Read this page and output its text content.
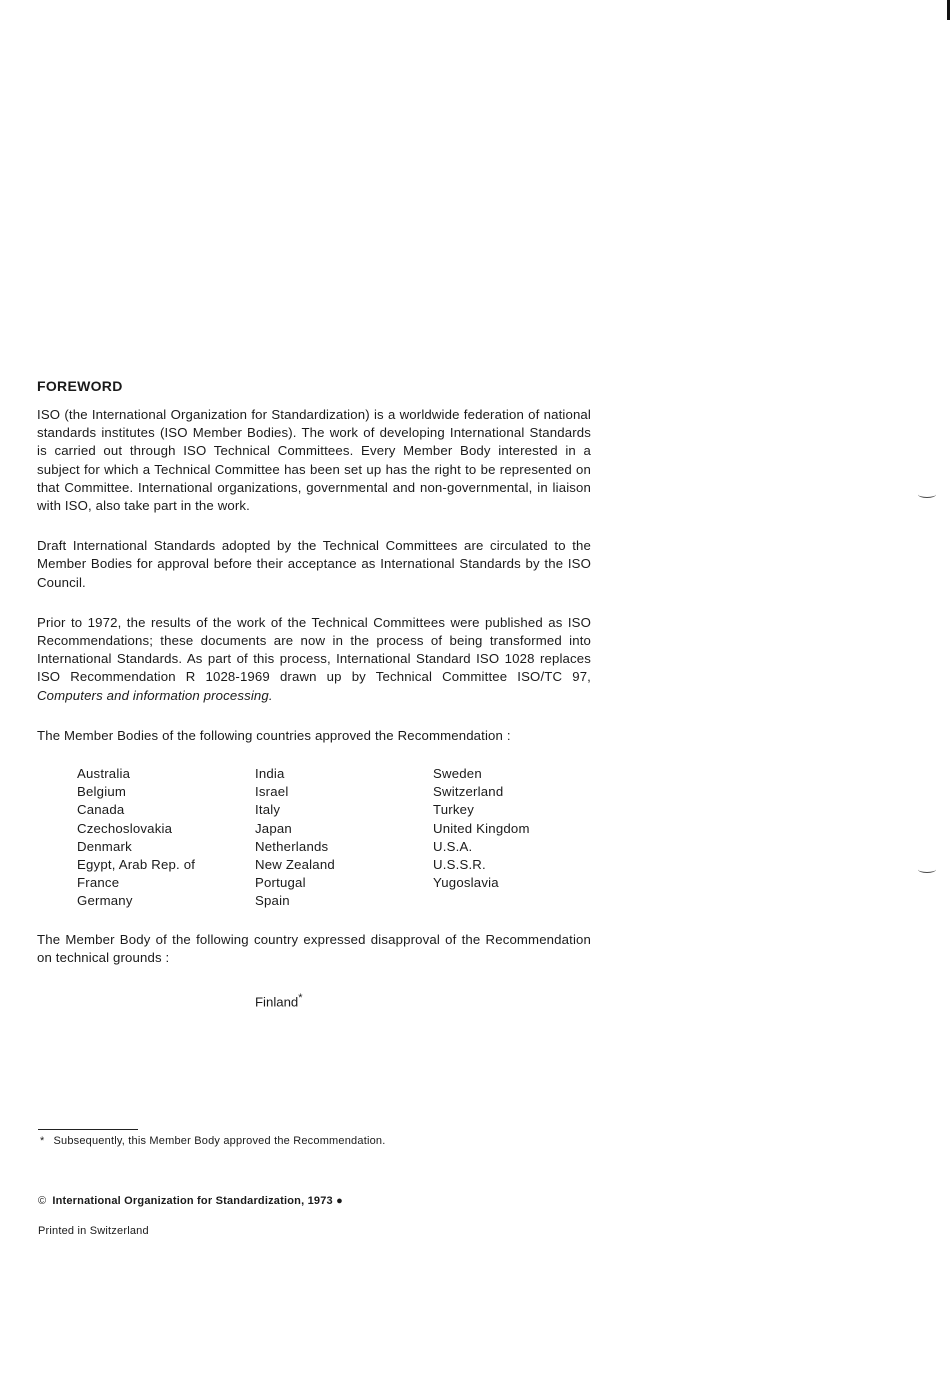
FOREWORD

ISO (the International Organization for Standardization) is a worldwide federation of national standards institutes (ISO Member Bodies). The work of developing International Standards is carried out through ISO Technical Committees. Every Member Body interested in a subject for which a Technical Committee has been set up has the right to be represented on that Committee. International organizations, governmental and non-governmental, in liaison with ISO, also take part in the work.

Draft International Standards adopted by the Technical Committees are circulated to the Member Bodies for approval before their acceptance as International Standards by the ISO Council.

Prior to 1972, the results of the work of the Technical Committees were published as ISO Recommendations; these documents are now in the process of being transformed into International Standards. As part of this process, International Standard ISO 1028 replaces ISO Recommendation R 1028-1969 drawn up by Technical Committee ISO/TC 97, Computers and information processing.

The Member Bodies of the following countries approved the Recommendation :

Australia
Belgium
Canada
Czechoslovakia
Denmark
Egypt, Arab Rep. of
France
Germany
India
Israel
Italy
Japan
Netherlands
New Zealand
Portugal
Spain
Sweden
Switzerland
Turkey
United Kingdom
U.S.A.
U.S.S.R.
Yugoslavia

The Member Body of the following country expressed disapproval of the Recommendation on technical grounds :

Finland*
* Subsequently, this Member Body approved the Recommendation.
© International Organization for Standardization, 1973 ●
Printed in Switzerland
